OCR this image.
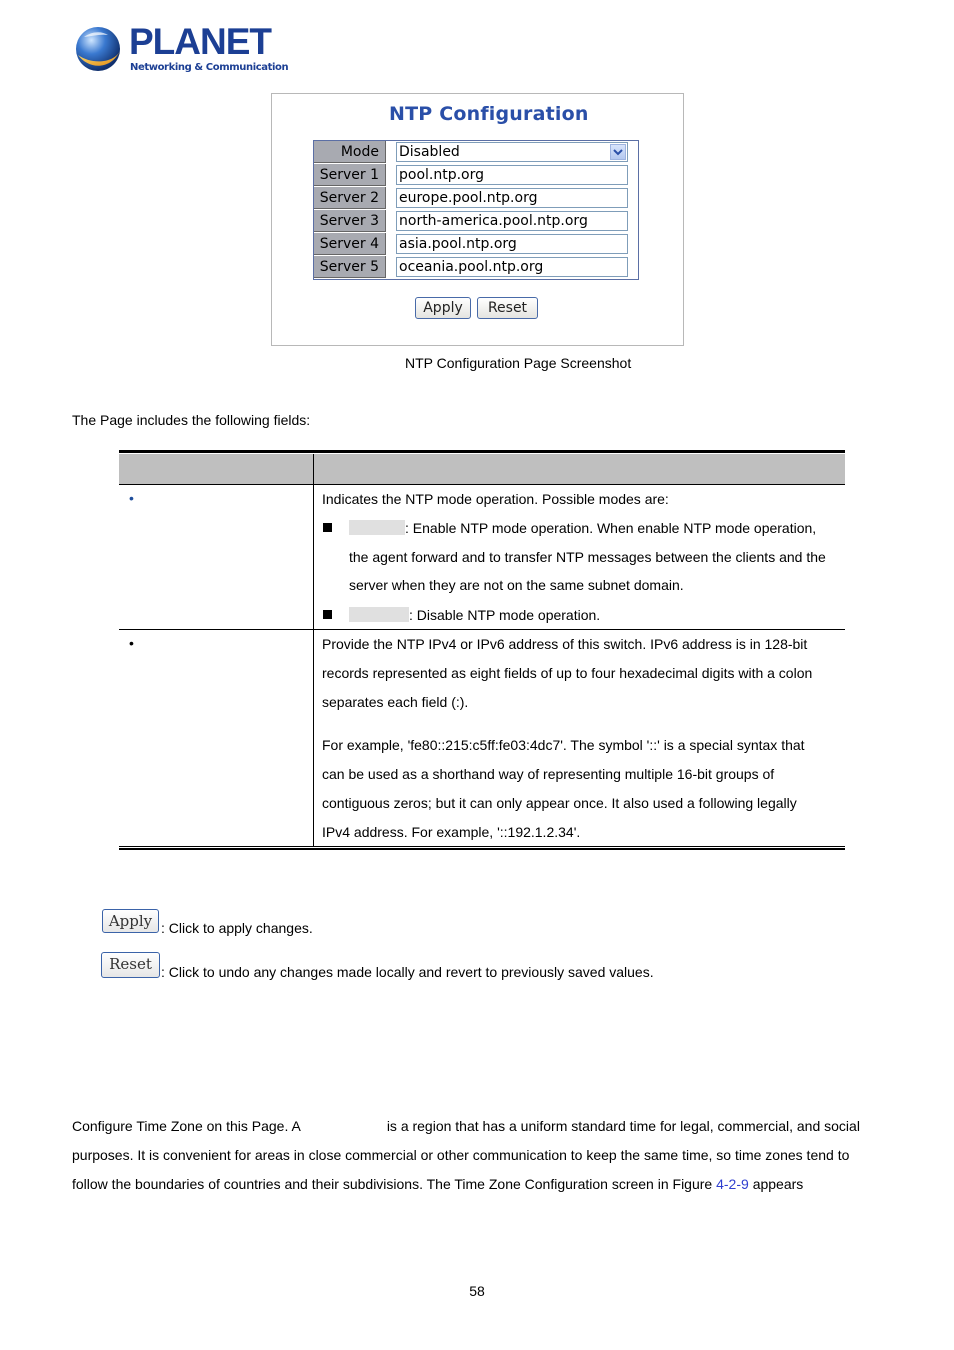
PLANET
Networking & Communication
NTP Configuration
Mode	Disabled
Server 1	pool.ntp.org
Server 2	europe.pool.ntp.org
Server 3	north-america.pool.ntp.org
Server 4	asia.pool.ntp.org
Server 5	oceania.pool.ntp.org
Apply	Reset
NTP Configuration Page Screenshot
The Page includes the following fields:
•	Indicates the NTP mode operation. Possible modes are:
: Enable NTP mode operation. When enable NTP mode operation,
the agent forward and to transfer NTP messages between the clients and the
server when they are not on the same subnet domain.
: Disable NTP mode operation.
•	Provide the NTP IPv4 or IPv6 address of this switch. IPv6 address is in 128-bit
records represented as eight fields of up to four hexadecimal digits with a colon
separates each field (:).
For example, 'fe80::215:c5ff:fe03:4dc7'. The symbol '::' is a special syntax that
can be used as a shorthand way of representing multiple 16-bit groups of
contiguous zeros; but it can only appear once. It also used a following legally
IPv4 address. For example, '::192.1.2.34'.
Apply : Click to apply changes.
Reset : Click to undo any changes made locally and revert to previously saved values.
Configure Time Zone on this Page. A	is a region that has a uniform standard time for legal, commercial, and social
purposes. It is convenient for areas in close commercial or other communication to keep the same time, so time zones tend to
follow the boundaries of countries and their subdivisions. The Time Zone Configuration screen in Figure 4-2-9 appears
58
